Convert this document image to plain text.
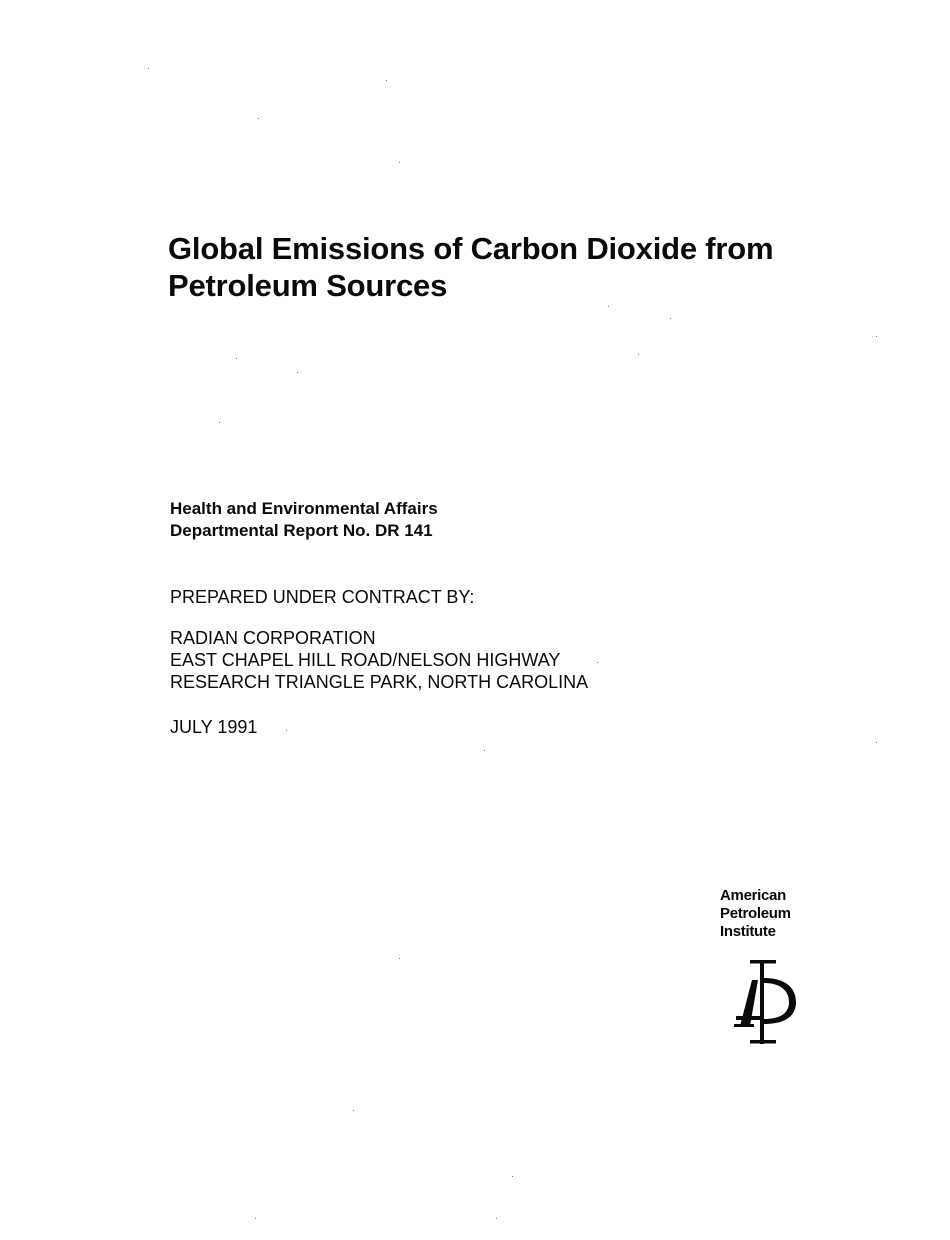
Global Emissions of Carbon Dioxide from
Petroleum Sources
Health and Environmental Affairs
Departmental Report No. DR 141
PREPARED UNDER CONTRACT BY:
RADIAN CORPORATION
EAST CHAPEL HILL ROAD/NELSON HIGHWAY
RESEARCH TRIANGLE PARK, NORTH CAROLINA
JULY 1991
American
Petroleum
Institute
